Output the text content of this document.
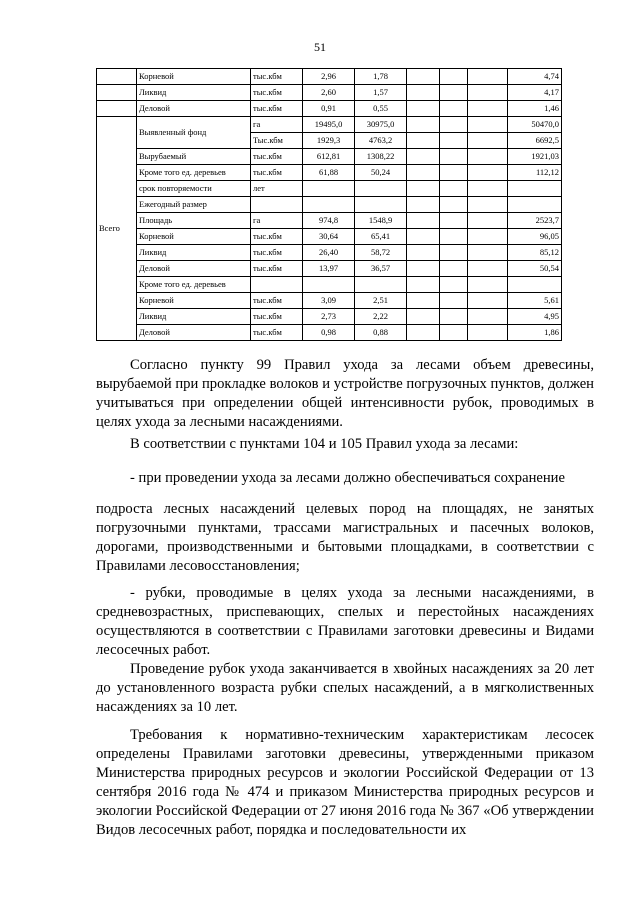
51
	Корневой	тыс.кбм	2,96	1,78				4,74
	Ликвид	тыс.кбм	2,60	1,57				4,17
	Деловой	тыс.кбм	0,91	0,55				1,46
Всего	Выявленный фонд	га	19495,0	30975,0				50470,0
		Тыс.кбм	1929,3	4763,2				6692,5
	Вырубаемый	тыс.кбм	612,81	1308,22				1921,03
	Кроме того ед. деревьев	тыс.кбм	61,88	50,24				112,12
	срок повторяемости	лет						
	Ежегодный размер							
	Площадь	га	974,8	1548,9				2523,7
	Корневой	тыс.кбм	30,64	65,41				96,05
	Ликвид	тыс.кбм	26,40	58,72				85,12
	Деловой	тыс.кбм	13,97	36,57				50,54
	Кроме того ед. деревьев							
	Корневой	тыс.кбм	3,09	2,51				5,61
	Ликвид	тыс.кбм	2,73	2,22				4,95
	Деловой	тыс.кбм	0,98	0,88				1,86

Согласно пункту 99 Правил ухода за лесами объем древесины, вырубаемой при прокладке волоков и устройстве погрузочных пунктов, должен учитываться при определении общей интенсивности рубок, проводимых в целях ухода за лесными насаждениями.

В соответствии с пунктами 104 и 105 Правил ухода за лесами:

- при проведении ухода за лесами должно обеспечиваться сохранение

подроста лесных насаждений целевых пород на площадях, не занятых погрузочными пунктами, трассами магистральных и пасечных волоков, дорогами, производственными и бытовыми площадками, в соответствии с Правилами лесовосстановления;

- рубки, проводимые в целях ухода за лесными насаждениями, в средневозрастных, приспевающих, спелых и перестойных насаждениях осуществляются в соответствии с Правилами заготовки древесины и Видами лесосечных работ.

Проведение рубок ухода заканчивается в хвойных насаждениях за 20 лет до установленного возраста рубки спелых насаждений, а в мягколиственных насаждениях за 10 лет.

Требования к нормативно-техническим характеристикам лесосек определены Правилами заготовки древесины, утвержденными приказом Министерства природных ресурсов и экологии Российской Федерации от 13 сентября 2016 года № 474 и приказом Министерства природных ресурсов и экологии Российской Федерации от 27 июня 2016 года № 367 «Об утверждении Видов лесосечных работ, порядка и последовательности их
